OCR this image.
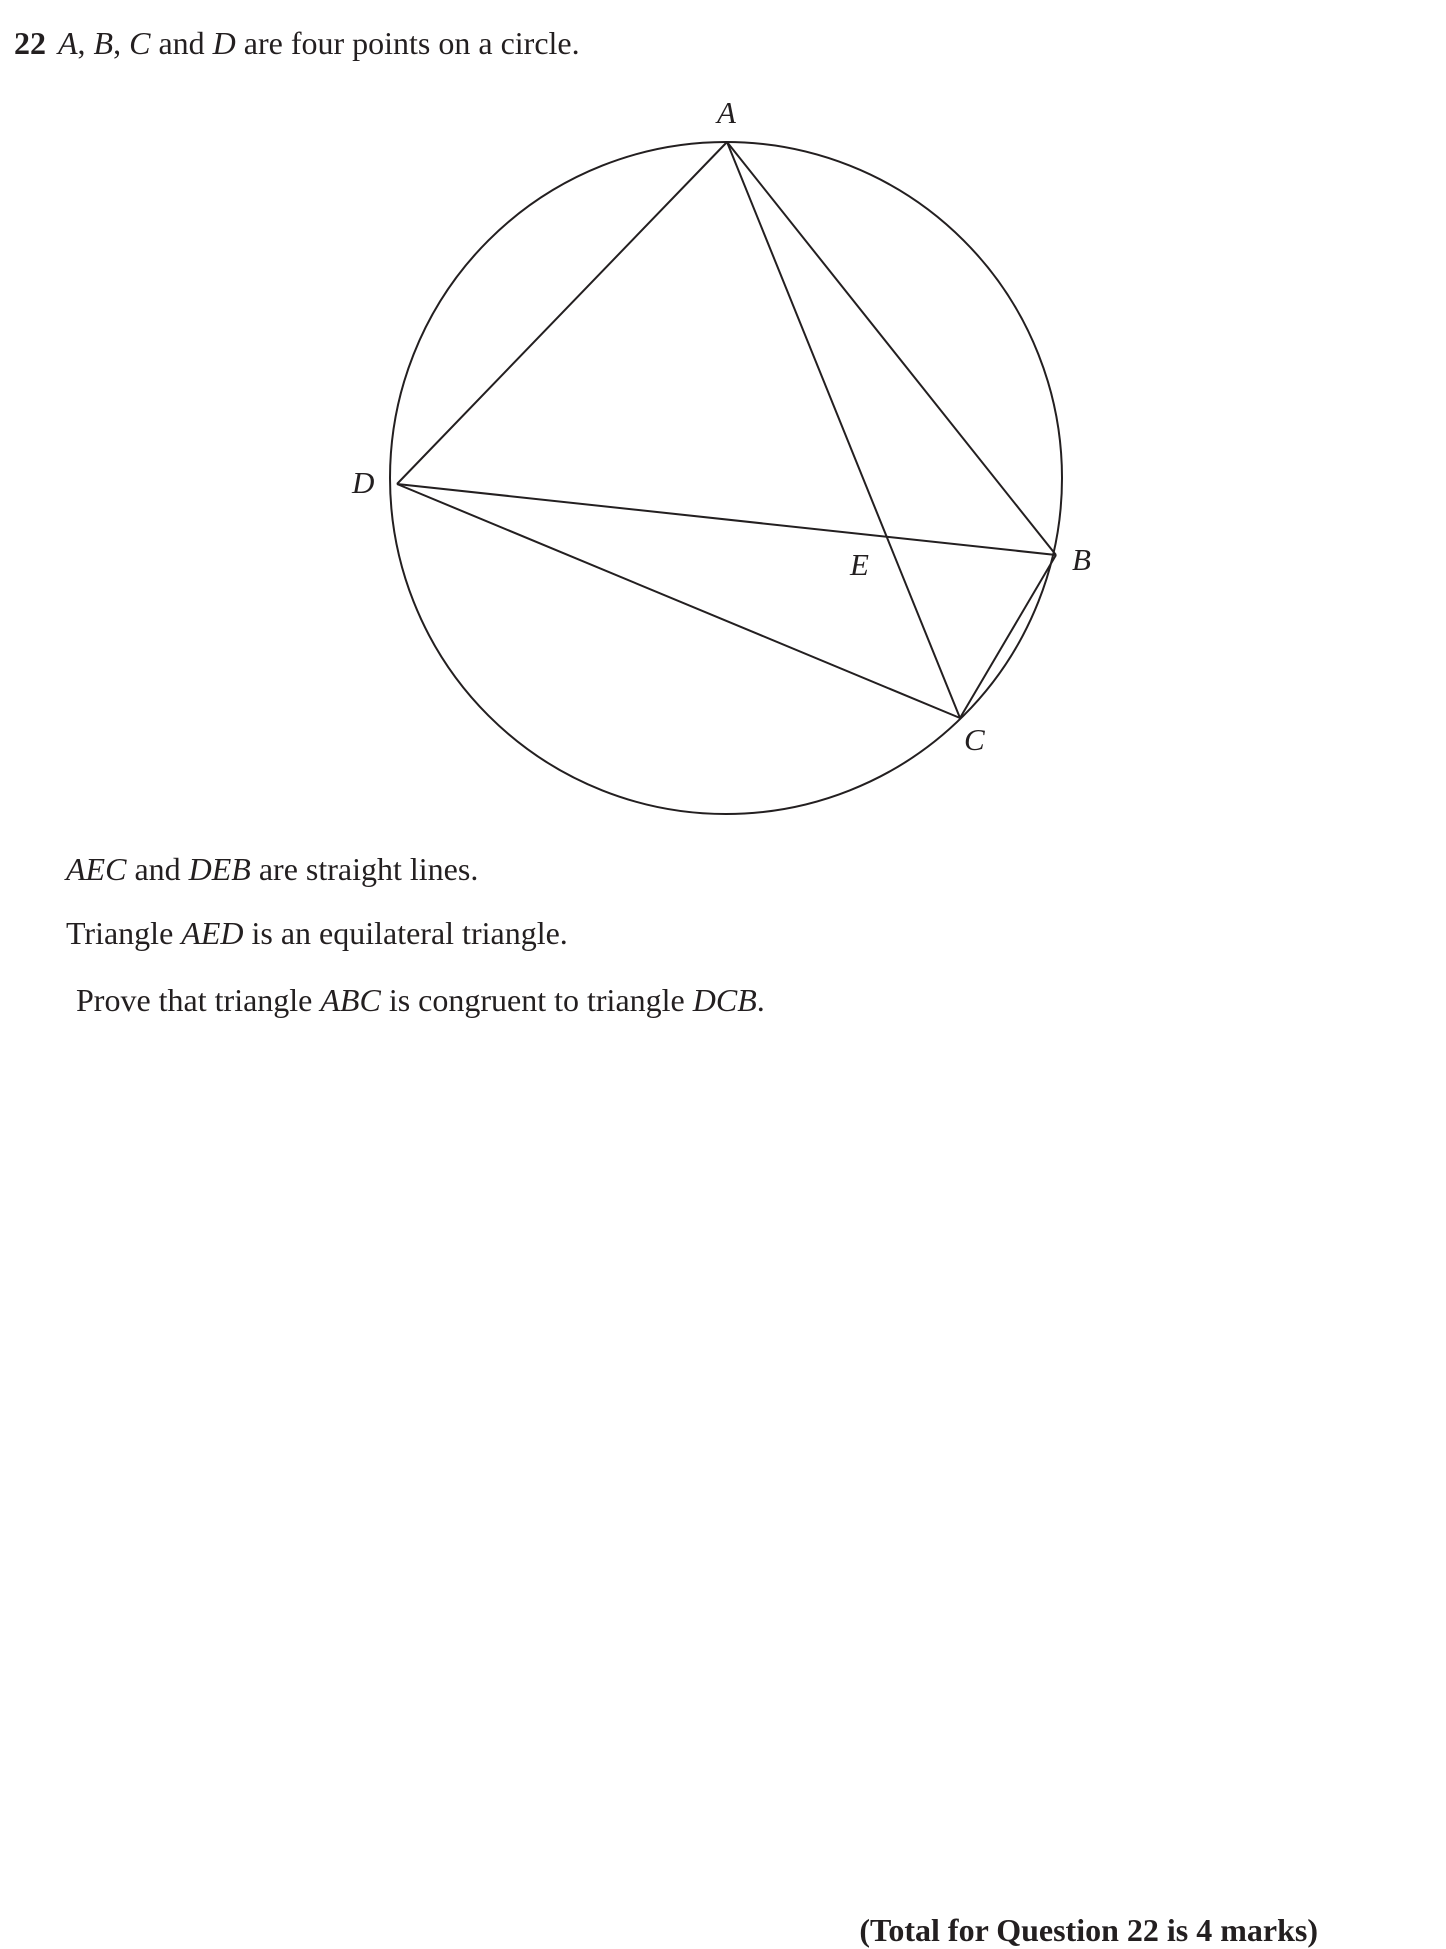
22 A, B, C and D are four points on a circle.
A
B
C
D
E
AEC and DEB are straight lines.
Triangle AED is an equilateral triangle.
Prove that triangle ABC is congruent to triangle DCB.
(Total for Question 22 is 4 marks)
